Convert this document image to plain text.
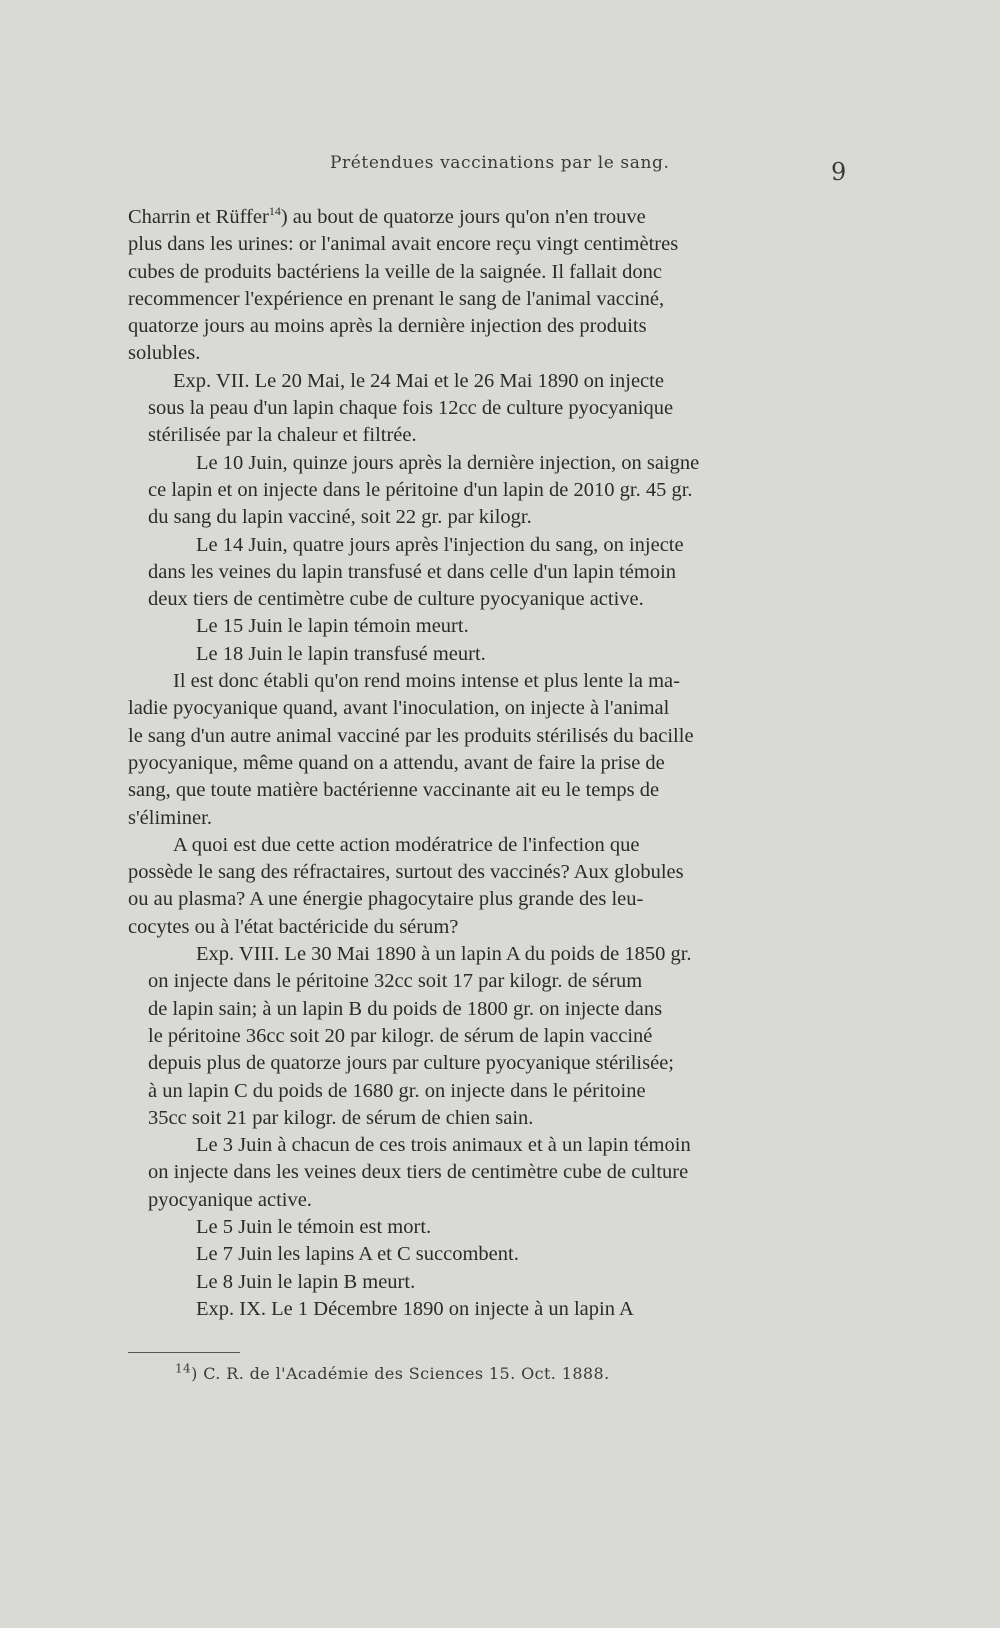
Prétendues vaccinations par le sang.	9
Charrin et Rüffer$^{14}$) au bout de quatorze jours qu'on n'en trouve
plus dans les urines: or l'animal avait encore reçu vingt centimètres
cubes de produits bactériens la veille de la saignée. Il fallait donc
recommencer l'expérience en prenant le sang de l'animal vacciné,
quatorze jours au moins après la dernière injection des produits
solubles.
Exp. VII. Le 20 Mai, le 24 Mai et le 26 Mai 1890 on injecte
sous la peau d'un lapin chaque fois 12cc de culture pyocyanique
stérilisée par la chaleur et filtrée.
Le 10 Juin, quinze jours après la dernière injection, on saigne
ce lapin et on injecte dans le péritoine d'un lapin de 2010 gr. 45 gr.
du sang du lapin vacciné, soit 22 gr. par kilogr.
Le 14 Juin, quatre jours après l'injection du sang, on injecte
dans les veines du lapin transfusé et dans celle d'un lapin témoin
deux tiers de centimètre cube de culture pyocyanique active.
Le 15 Juin le lapin témoin meurt.
Le 18 Juin le lapin transfusé meurt.
Il est donc établi qu'on rend moins intense et plus lente la ma-
ladie pyocyanique quand, avant l'inoculation, on injecte à l'animal
le sang d'un autre animal vacciné par les produits stérilisés du bacille
pyocyanique, même quand on a attendu, avant de faire la prise de
sang, que toute matière bactérienne vaccinante ait eu le temps de
s'éliminer.
A quoi est due cette action modératrice de l'infection que
possède le sang des réfractaires, surtout des vaccinés? Aux globules
ou au plasma? A une énergie phagocytaire plus grande des leu-
cocytes ou à l'état bactéricide du sérum?
Exp. VIII. Le 30 Mai 1890 à un lapin A du poids de 1850 gr.
on injecte dans le péritoine 32cc soit 17 par kilogr. de sérum
de lapin sain; à un lapin B du poids de 1800 gr. on injecte dans
le péritoine 36cc soit 20 par kilogr. de sérum de lapin vacciné
depuis plus de quatorze jours par culture pyocyanique stérilisée;
à un lapin C du poids de 1680 gr. on injecte dans le péritoine
35cc soit 21 par kilogr. de sérum de chien sain.
Le 3 Juin à chacun de ces trois animaux et à un lapin témoin
on injecte dans les veines deux tiers de centimètre cube de culture
pyocyanique active.
Le 5 Juin le témoin est mort.
Le 7 Juin les lapins A et C succombent.
Le 8 Juin le lapin B meurt.
Exp. IX. Le 1 Décembre 1890 on injecte à un lapin A
$^{14}$) C. R. de l'Académie des Sciences 15. Oct. 1888.
